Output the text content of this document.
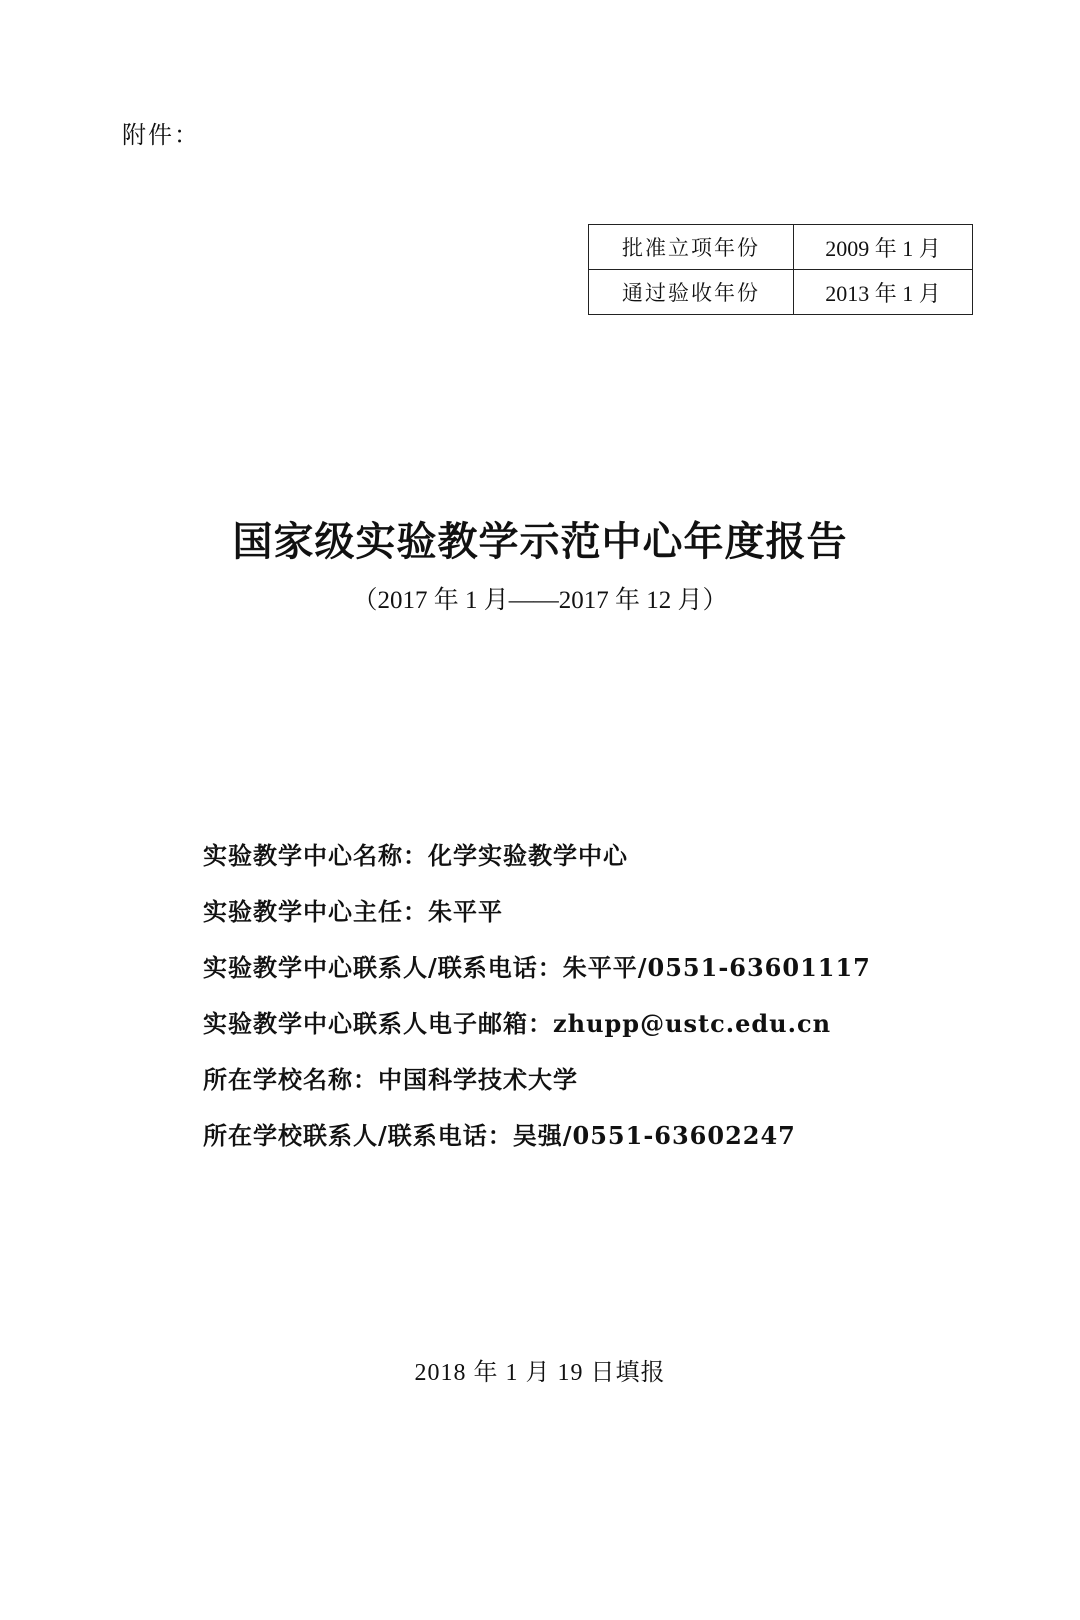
附件：
批准立项年份	2009 年 1 月
通过验收年份	2013 年 1 月
国家级实验教学示范中心年度报告
（2017 年 1 月——2017 年 12 月）
实验教学中心名称：化学实验教学中心
实验教学中心主任：朱平平
实验教学中心联系人/联系电话：朱平平/0551-63601117
实验教学中心联系人电子邮箱：zhupp@ustc.edu.cn
所在学校名称：中国科学技术大学
所在学校联系人/联系电话：吴强/0551-63602247
2018 年 1 月 19 日填报
